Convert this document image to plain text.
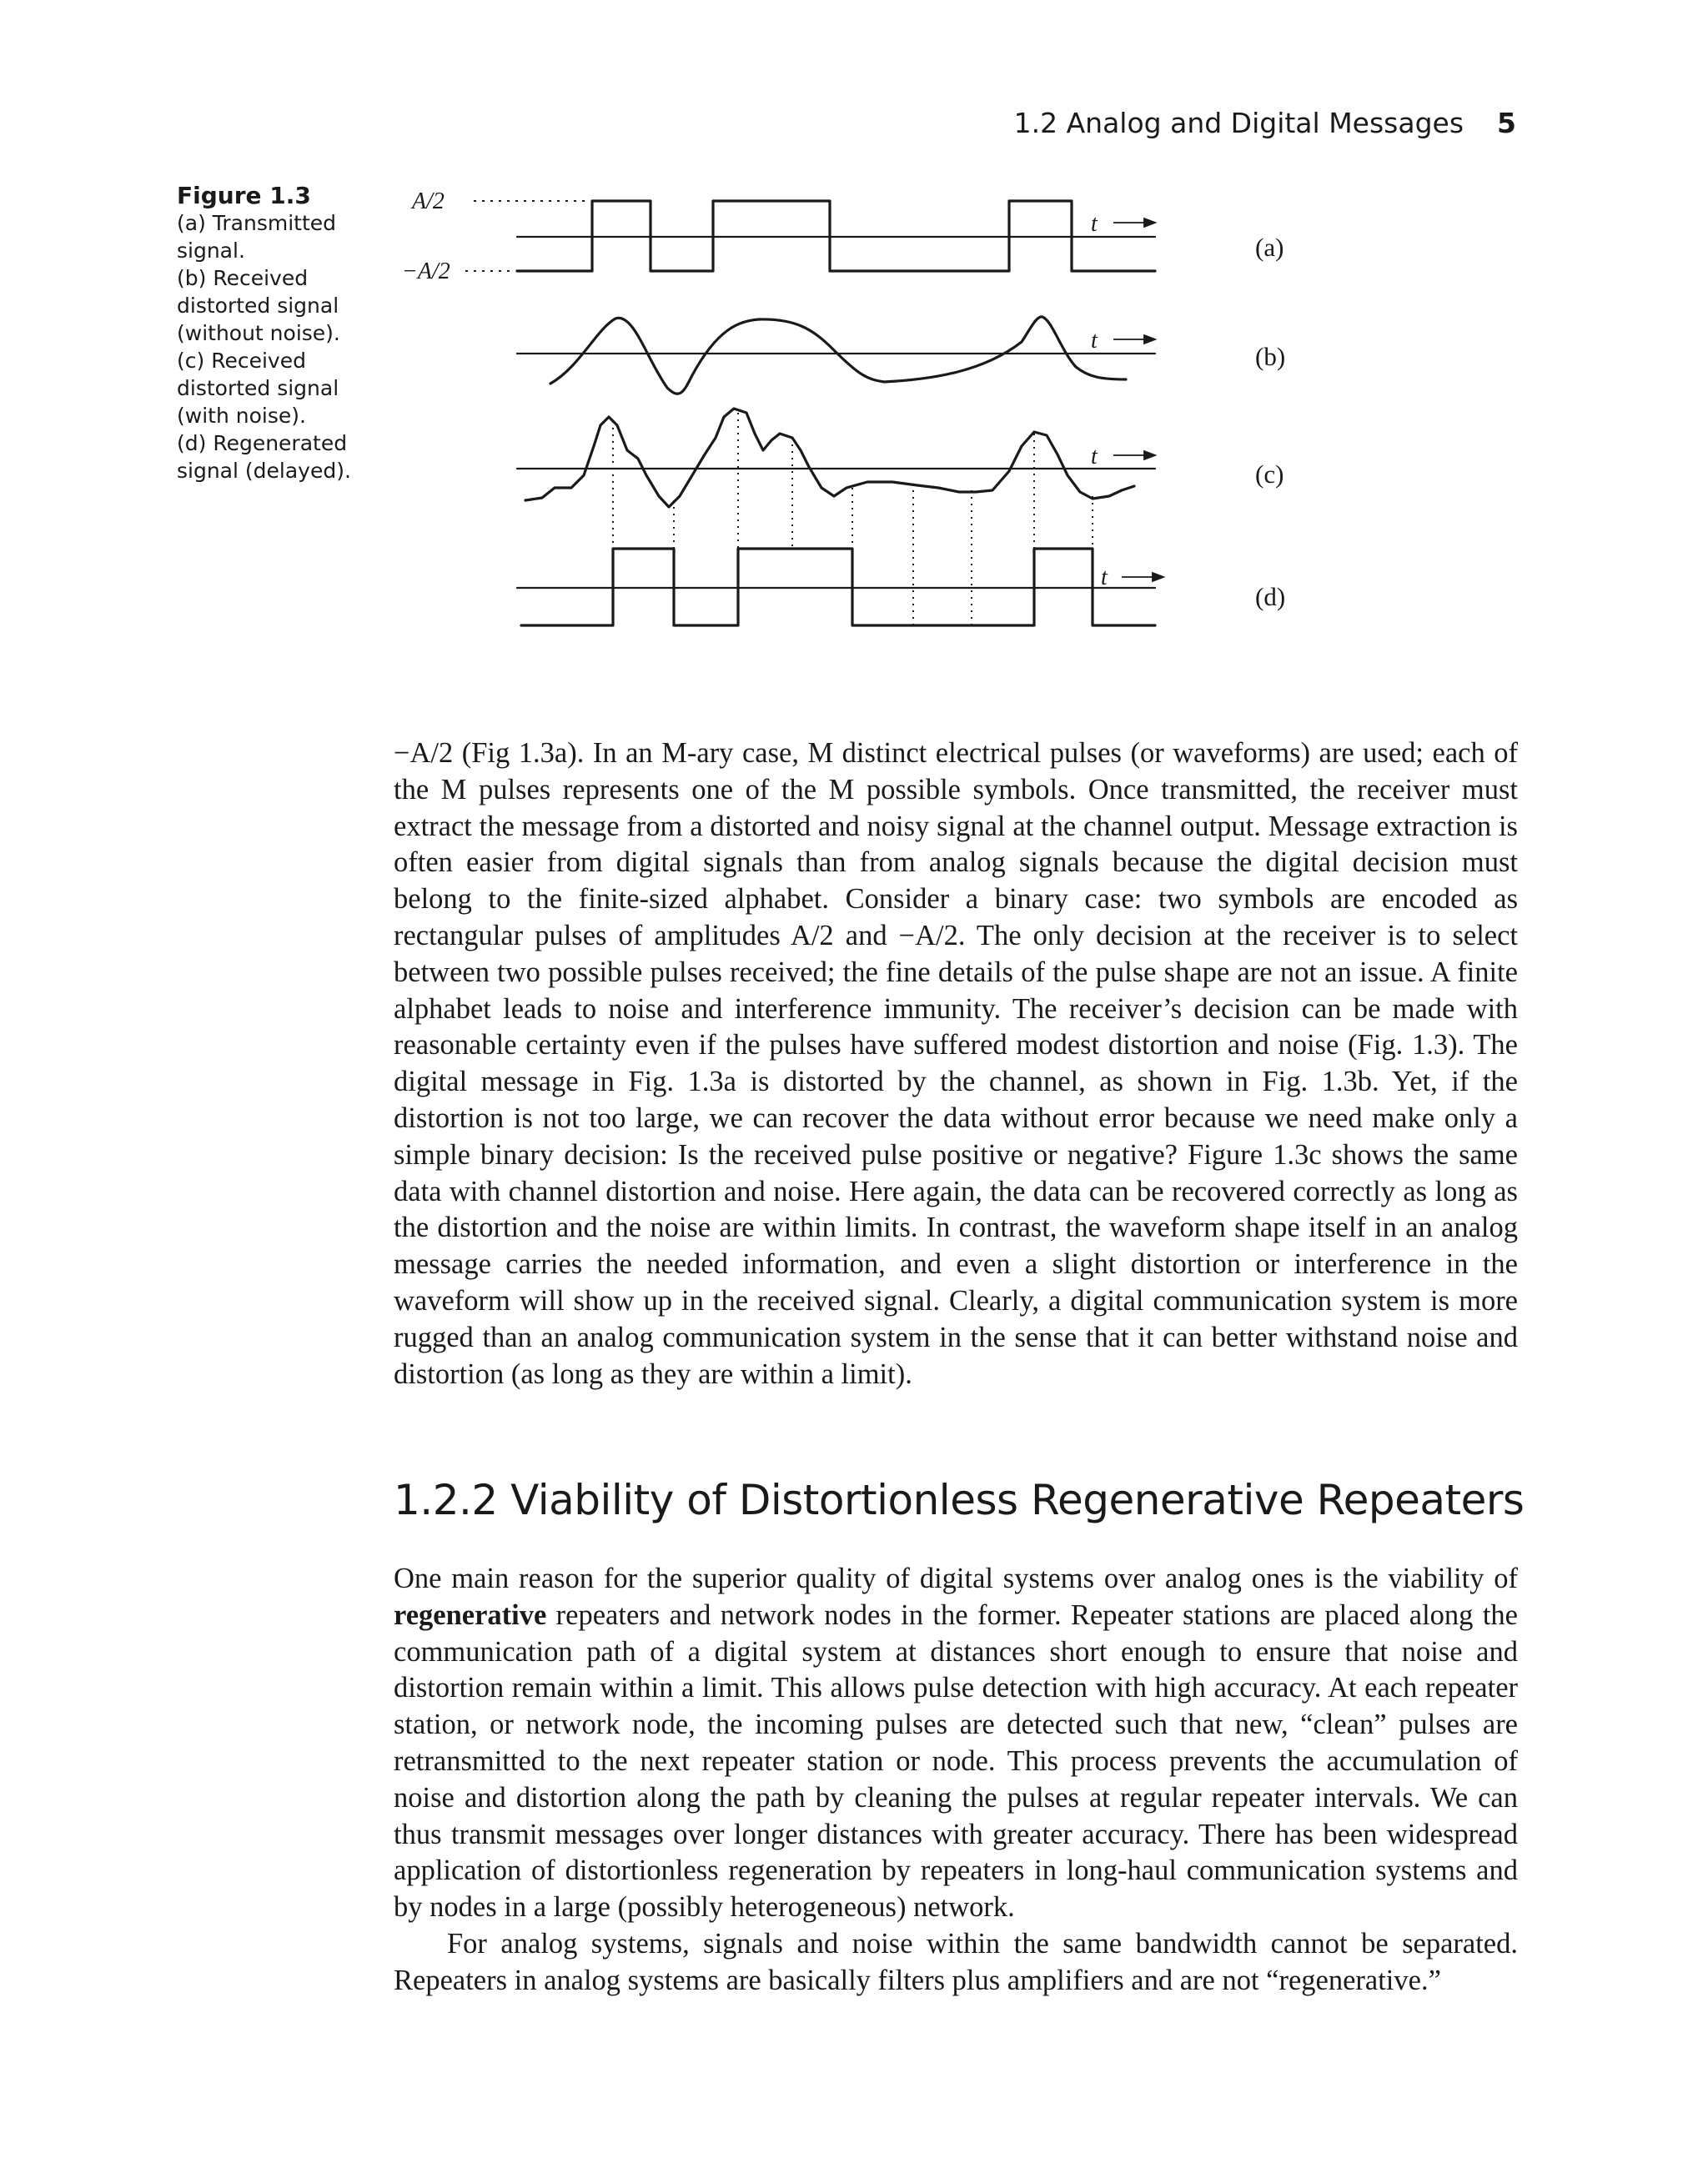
1.2 Analog and Digital Messages 5
Figure 1.3
(a) Transmitted
signal.
(b) Received
distorted signal
(without noise).
(c) Received
distorted signal
(with noise).
(d) Regenerated
signal (delayed).
A/2
−A/2
t
t
t
t
(a)
(b)
(c)
(d)

−A/2 (Fig 1.3a). In an M-ary case, M distinct electrical pulses (or waveforms) are used; each of the M pulses represents one of the M possible symbols. Once transmitted, the receiver must extract the message from a distorted and noisy signal at the channel output. Message extraction is often easier from digital signals than from analog signals because the digital decision must belong to the finite-sized alphabet. Consider a binary case: two symbols are encoded as rectangular pulses of amplitudes A/2 and −A/2. The only decision at the receiver is to select between two possible pulses received; the fine details of the pulse shape are not an issue. A finite alphabet leads to noise and interference immunity. The receiver’s decision can be made with reasonable certainty even if the pulses have suffered modest distortion and noise (Fig. 1.3). The digital message in Fig. 1.3a is distorted by the channel, as shown in Fig. 1.3b. Yet, if the distortion is not too large, we can recover the data without error because we need make only a simple binary decision: Is the received pulse positive or negative? Figure 1.3c shows the same data with channel distortion and noise. Here again, the data can be recovered correctly as long as the distortion and the noise are within limits. In contrast, the waveform shape itself in an analog message carries the needed information, and even a slight distortion or interference in the waveform will show up in the received signal. Clearly, a digital communication system is more rugged than an analog communication system in the sense that it can better withstand noise and distortion (as long as they are within a limit).

1.2.2 Viability of Distortionless Regenerative Repeaters

One main reason for the superior quality of digital systems over analog ones is the viability of regenerative repeaters and network nodes in the former. Repeater stations are placed along the communication path of a digital system at distances short enough to ensure that noise and distortion remain within a limit. This allows pulse detection with high accuracy. At each repeater station, or network node, the incoming pulses are detected such that new, “clean” pulses are retransmitted to the next repeater station or node. This process prevents the accumulation of noise and distortion along the path by cleaning the pulses at regular repeater intervals. We can thus transmit messages over longer distances with greater accuracy. There has been widespread application of distortionless regeneration by repeaters in long-haul communication systems and by nodes in a large (possibly heterogeneous) network.

For analog systems, signals and noise within the same bandwidth cannot be separated. Repeaters in analog systems are basically filters plus amplifiers and are not “regenerative.”
